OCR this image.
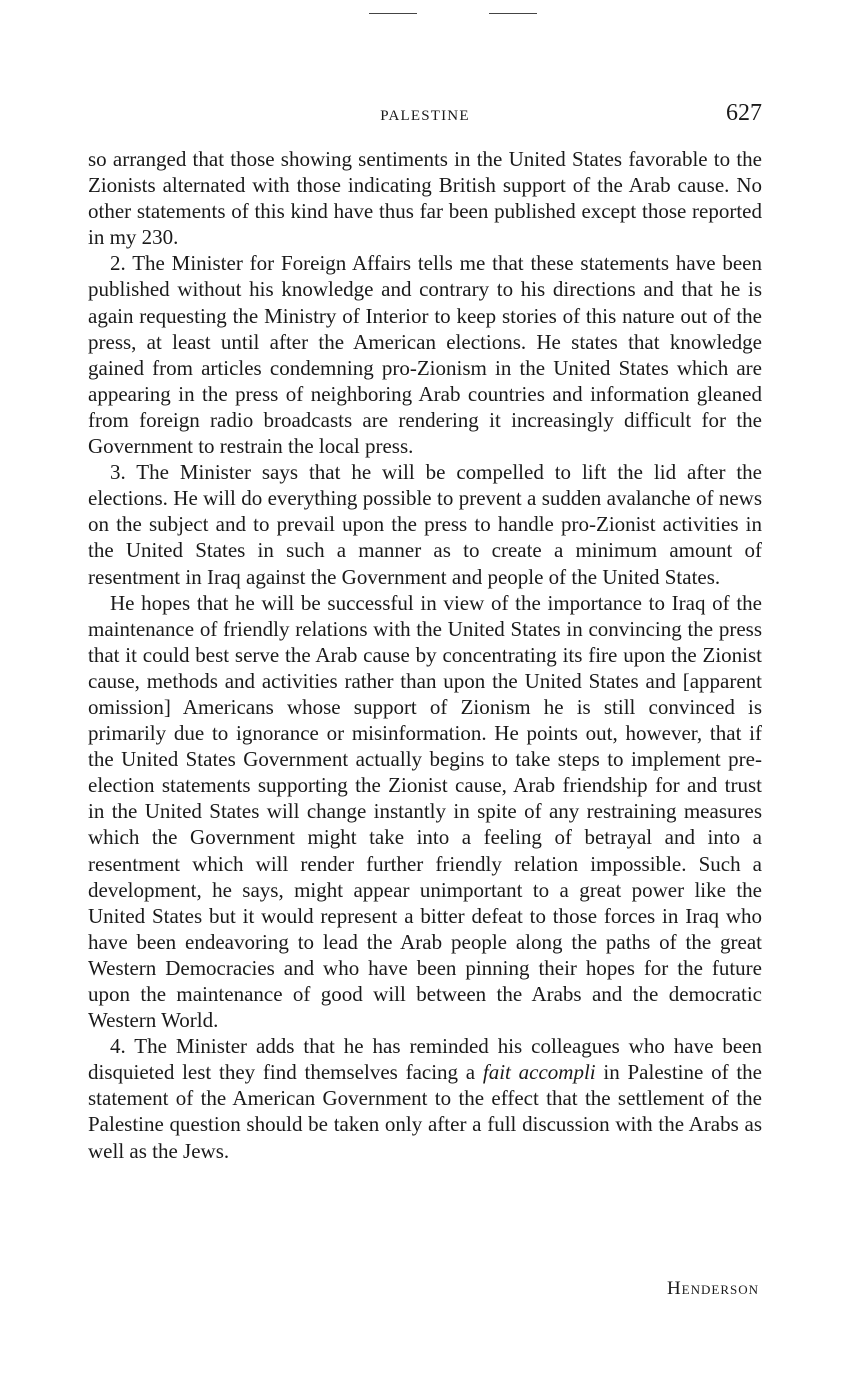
PALESTINE	627

so arranged that those showing sentiments in the United States favorable to the Zionists alternated with those indicating British support of the Arab cause. No other statements of this kind have thus far been published except those reported in my 230.

2. The Minister for Foreign Affairs tells me that these statements have been published without his knowledge and contrary to his directions and that he is again requesting the Ministry of Interior to keep stories of this nature out of the press, at least until after the American elections. He states that knowledge gained from articles condemning pro-Zionism in the United States which are appearing in the press of neighboring Arab countries and information gleaned from foreign radio broadcasts are rendering it increasingly difficult for the Government to restrain the local press.

3. The Minister says that he will be compelled to lift the lid after the elections. He will do everything possible to prevent a sudden avalanche of news on the subject and to prevail upon the press to handle pro-Zionist activities in the United States in such a manner as to create a minimum amount of resentment in Iraq against the Government and people of the United States.

He hopes that he will be successful in view of the importance to Iraq of the maintenance of friendly relations with the United States in convincing the press that it could best serve the Arab cause by concentrating its fire upon the Zionist cause, methods and activities rather than upon the United States and [apparent omission] Americans whose support of Zionism he is still convinced is primarily due to ignorance or misinformation. He points out, however, that if the United States Government actually begins to take steps to implement pre-election statements supporting the Zionist cause, Arab friendship for and trust in the United States will change instantly in spite of any restraining measures which the Government might take into a feeling of betrayal and into a resentment which will render further friendly relation impossible. Such a development, he says, might appear unimportant to a great power like the United States but it would represent a bitter defeat to those forces in Iraq who have been endeavoring to lead the Arab people along the paths of the great Western Democracies and who have been pinning their hopes for the future upon the maintenance of good will between the Arabs and the democratic Western World.

4. The Minister adds that he has reminded his colleagues who have been disquieted lest they find themselves facing a fait accompli in Palestine of the statement of the American Government to the effect that the settlement of the Palestine question should be taken only after a full discussion with the Arabs as well as the Jews.

Henderson
